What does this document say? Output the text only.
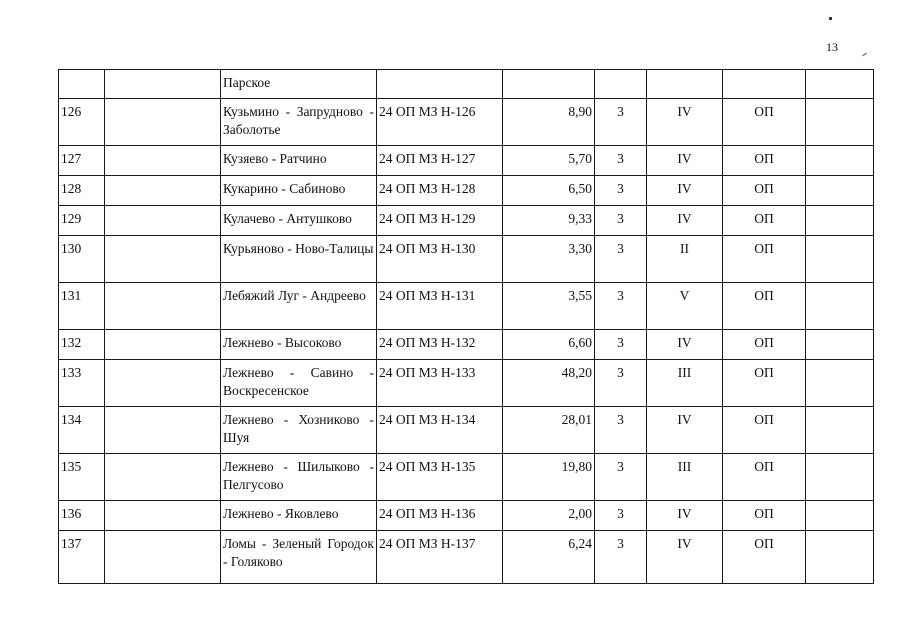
13
		Парское						
126		Кузьмино - Запрудново - Заболотье	24 ОП МЗ Н-126	8,90	3	IV	ОП	
127		Кузяево - Ратчино	24 ОП МЗ Н-127	5,70	3	IV	ОП	
128		Кукарино - Сабиново	24 ОП МЗ Н-128	6,50	3	IV	ОП	
129		Кулачево - Антушково	24 ОП МЗ Н-129	9,33	3	IV	ОП	
130		Курьяново - Ново-Талицы	24 ОП МЗ Н-130	3,30	3	II	ОП	
131		Лебяжий Луг - Андреево	24 ОП МЗ Н-131	3,55	3	V	ОП	
132		Лежнево - Высоково	24 ОП МЗ Н-132	6,60	3	IV	ОП	
133		Лежнево - Савино - Воскресенское	24 ОП МЗ Н-133	48,20	3	III	ОП	
134		Лежнево - Хозниково - Шуя	24 ОП МЗ Н-134	28,01	3	IV	ОП	
135		Лежнево - Шилыково - Пелгусово	24 ОП МЗ Н-135	19,80	3	III	ОП	
136		Лежнево - Яковлево	24 ОП МЗ Н-136	2,00	3	IV	ОП	
137		Ломы - Зеленый Городок - Голяково	24 ОП МЗ Н-137	6,24	3	IV	ОП	
